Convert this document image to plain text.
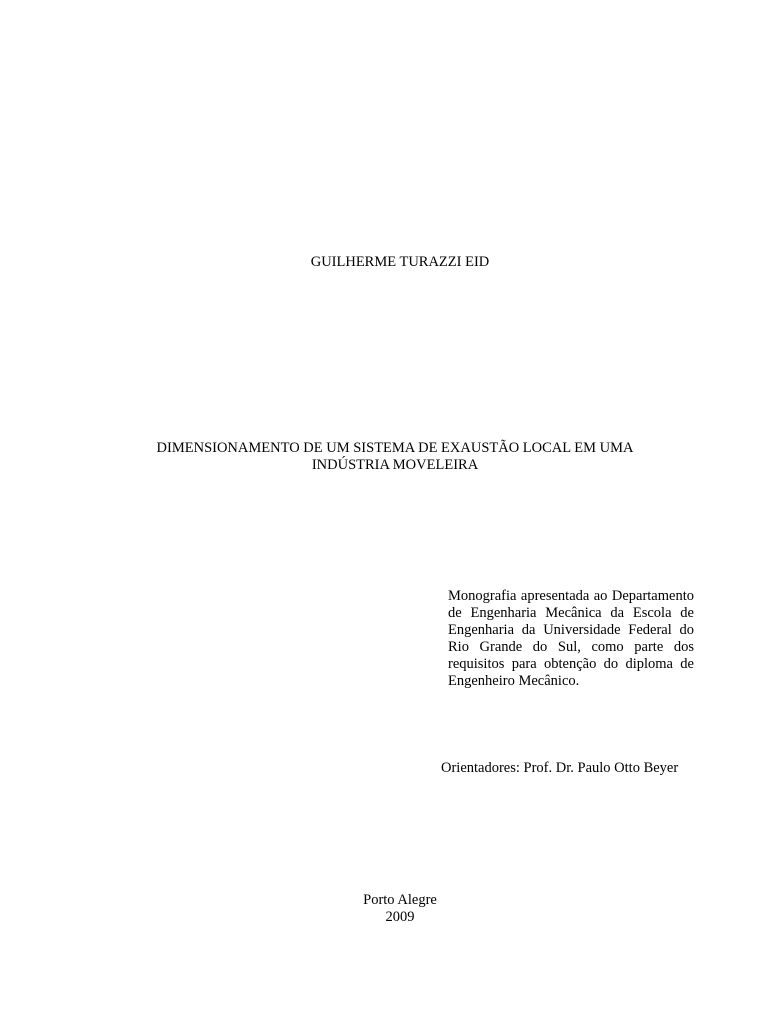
GUILHERME TURAZZI EID
DIMENSIONAMENTO DE UM SISTEMA DE EXAUSTÃO LOCAL EM UMA
INDÚSTRIA MOVELEIRA
Monografia apresentada ao Departamento de Engenharia Mecânica da Escola de Engenharia da Universidade Federal do Rio Grande do Sul, como parte dos requisitos para obtenção do diploma de Engenheiro Mecânico.
Orientadores: Prof. Dr. Paulo Otto Beyer
Porto Alegre
2009
